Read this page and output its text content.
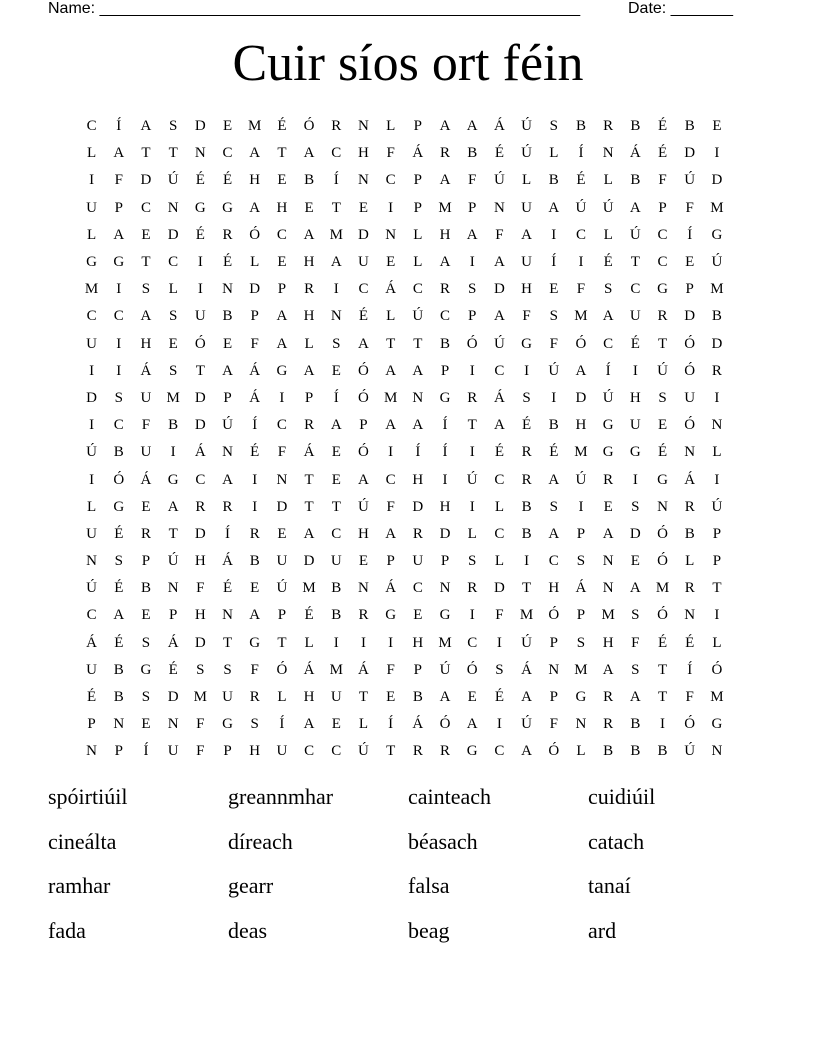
Name: ______________________________________________________	Date: _______
Cuir síos ort féin
C	Í	A	S	D	E	M	É	Ó	R	N	L	P	A	A	Á	Ú	S	B	R	B	É	B	E
L	A	T	T	N	C	A	T	A	C	H	F	Á	R	B	É	Ú	L	Í	N	Á	É	D	I
I	F	D	Ú	É	É	H	E	B	Í	N	C	P	A	F	Ú	L	B	É	L	B	F	Ú	D
U	P	C	N	G	G	A	H	E	T	E	I	P	M	P	N	U	A	Ú	Ú	A	P	F	M
L	A	E	D	É	R	Ó	C	A	M	D	N	L	H	A	F	A	I	C	L	Ú	C	Í	G
G	G	T	C	I	É	L	E	H	A	U	E	L	A	I	A	U	Í	I	É	T	C	E	Ú
M	I	S	L	I	N	D	P	R	I	C	Á	C	R	S	D	H	E	F	S	C	G	P	M
C	C	A	S	U	B	P	A	H	N	É	L	Ú	C	P	A	F	S	M	A	U	R	D	B
U	I	H	E	Ó	E	F	A	L	S	A	T	T	B	Ó	Ú	G	F	Ó	C	É	T	Ó	D
I	I	Á	S	T	A	Á	G	A	E	Ó	A	A	P	I	C	I	Ú	A	Í	I	Ú	Ó	R
D	S	U	M	D	P	Á	I	P	Í	Ó	M	N	G	R	Á	S	I	D	Ú	H	S	U	I
I	C	F	B	D	Ú	Í	C	R	A	P	A	A	Í	T	A	É	B	H	G	U	E	Ó	N
Ú	B	U	I	Á	N	É	F	Á	E	Ó	I	Í	Í	I	É	R	É	M	G	G	É	N	L
I	Ó	Á	G	C	A	I	N	T	E	A	C	H	I	Ú	C	R	A	Ú	R	I	G	Á	I
L	G	E	A	R	R	I	D	T	T	Ú	F	D	H	I	L	B	S	I	E	S	N	R	Ú
U	É	R	T	D	Í	R	E	A	C	H	A	R	D	L	C	B	A	P	A	D	Ó	B	P
N	S	P	Ú	H	Á	B	U	D	U	E	P	U	P	S	L	I	C	S	N	E	Ó	L	P
Ú	É	B	N	F	É	E	Ú	M	B	N	Á	C	N	R	D	T	H	Á	N	A	M	R	T
C	A	E	P	H	N	A	P	É	B	R	G	E	G	I	F	M	Ó	P	M	S	Ó	N	I
Á	É	S	Á	D	T	G	T	L	I	I	I	H	M	C	I	Ú	P	S	H	F	É	É	L
U	B	G	É	S	S	F	Ó	Á	M	Á	F	P	Ú	Ó	S	Á	N	M	A	S	T	Í	Ó
É	B	S	D	M	U	R	L	H	U	T	E	B	A	E	É	A	P	G	R	A	T	F	M
P	N	E	N	F	G	S	Í	A	E	L	Í	Á	Ó	A	I	Ú	F	N	R	B	I	Ó	G
N	P	Í	U	F	P	H	U	C	C	Ú	T	R	R	G	C	A	Ó	L	B	B	B	Ú	N
spóirtiúil	greannmhar	cainteach	cuidiúil
cineálta	díreach	béasach	catach
ramhar	gearr	falsa	tanaí
fada	deas	beag	ard
